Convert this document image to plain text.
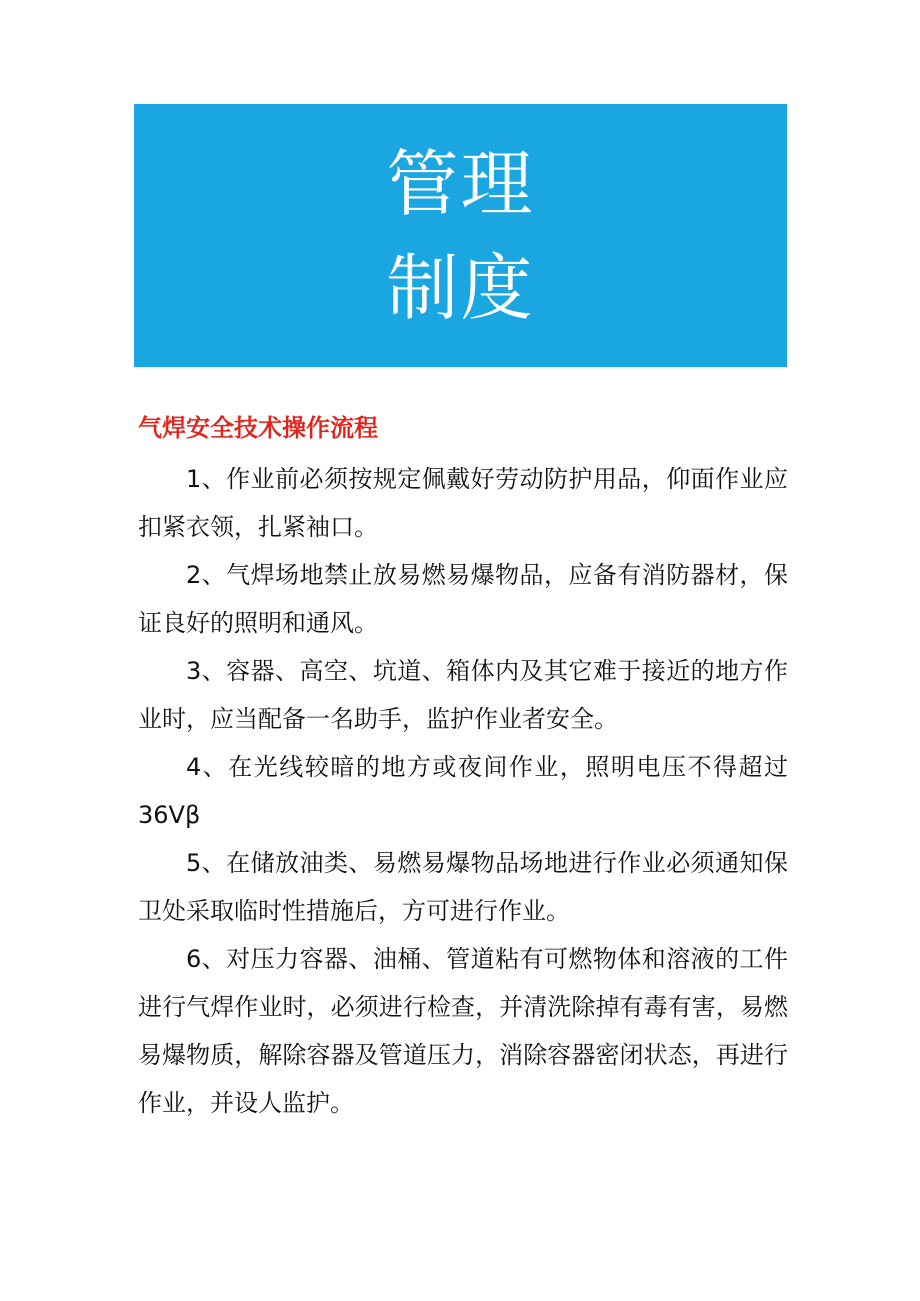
管理
制度
气焊安全技术操作流程

1、作业前必须按规定佩戴好劳动防护用品，仰面作业应扣紧衣领，扎紧袖口。

2、气焊场地禁止放易燃易爆物品，应备有消防器材，保证良好的照明和通风。

3、容器、高空、坑道、箱体内及其它难于接近的地方作业时，应当配备一名助手，监护作业者安全。

4、在光线较暗的地方或夜间作业，照明电压不得超过36Vβ

5、在储放油类、易燃易爆物品场地进行作业必须通知保卫处采取临时性措施后，方可进行作业。

6、对压力容器、油桶、管道粘有可燃物体和溶液的工件进行气焊作业时，必须进行检查，并清洗除掉有毒有害，易燃易爆物质，解除容器及管道压力，消除容器密闭状态，再进行作业，并设人监护。
